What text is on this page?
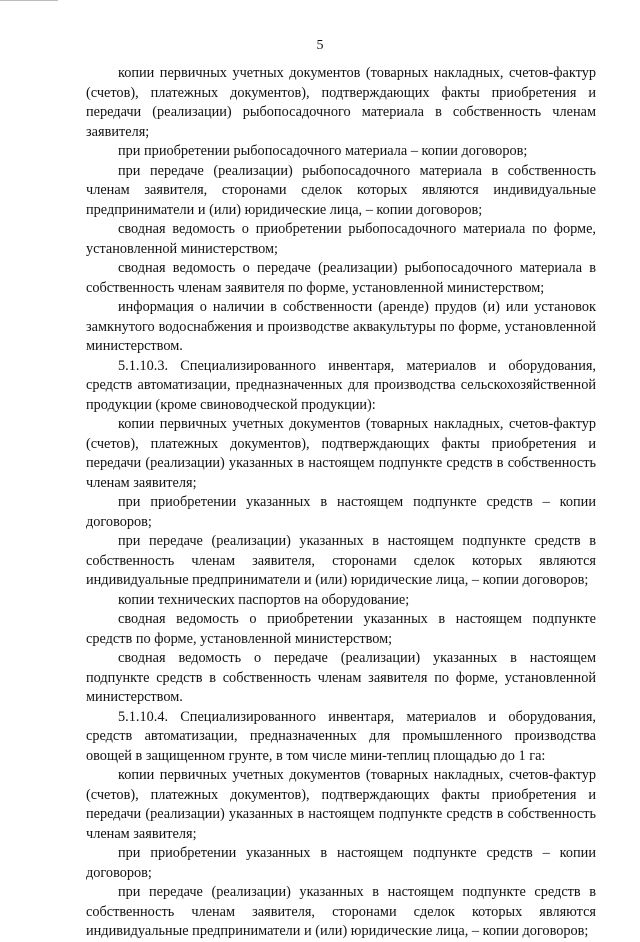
5

копии первичных учетных документов (товарных накладных, счетов-фактур (счетов), платежных документов), подтверждающих факты приобретения и передачи (реализации) рыбопосадочного материала в собственность членам заявителя;

при приобретении рыбопосадочного материала – копии договоров;

при передаче (реализации) рыбопосадочного материала в собственность членам заявителя, сторонами сделок которых являются индивидуальные предприниматели и (или) юридические лица, – копии договоров;

сводная ведомость о приобретении рыбопосадочного материала по форме, установленной министерством;

сводная ведомость о передаче (реализации) рыбопосадочного материала в собственность членам заявителя по форме, установленной министерством;

информация о наличии в собственности (аренде) прудов (и) или установок замкнутого водоснабжения и производстве аквакультуры по форме, установленной министерством.

5.1.10.3. Специализированного инвентаря, материалов и оборудования, средств автоматизации, предназначенных для производства сельскохозяйственной продукции (кроме свиноводческой продукции):

копии первичных учетных документов (товарных накладных, счетов-фактур (счетов), платежных документов), подтверждающих факты приобретения и передачи (реализации) указанных в настоящем подпункте средств в собственность членам заявителя;

при приобретении указанных в настоящем подпункте средств – копии договоров;

при передаче (реализации) указанных в настоящем подпункте средств в собственность членам заявителя, сторонами сделок которых являются индивидуальные предприниматели и (или) юридические лица, – копии договоров;

копии технических паспортов на оборудование;

сводная ведомость о приобретении указанных в настоящем подпункте средств по форме, установленной министерством;

сводная ведомость о передаче (реализации) указанных в настоящем подпункте средств в собственность членам заявителя по форме, установленной министерством.

5.1.10.4. Специализированного инвентаря, материалов и оборудования, средств автоматизации, предназначенных для промышленного производства овощей в защищенном грунте, в том числе мини-теплиц площадью до 1 га:

копии первичных учетных документов (товарных накладных, счетов-фактур (счетов), платежных документов), подтверждающих факты приобретения и передачи (реализации) указанных в настоящем подпункте средств в собственность членам заявителя;

при приобретении указанных в настоящем подпункте средств – копии договоров;

при передаче (реализации) указанных в настоящем подпункте средств в собственность членам заявителя, сторонами сделок которых являются индивидуальные предприниматели и (или) юридические лица, – копии договоров;
